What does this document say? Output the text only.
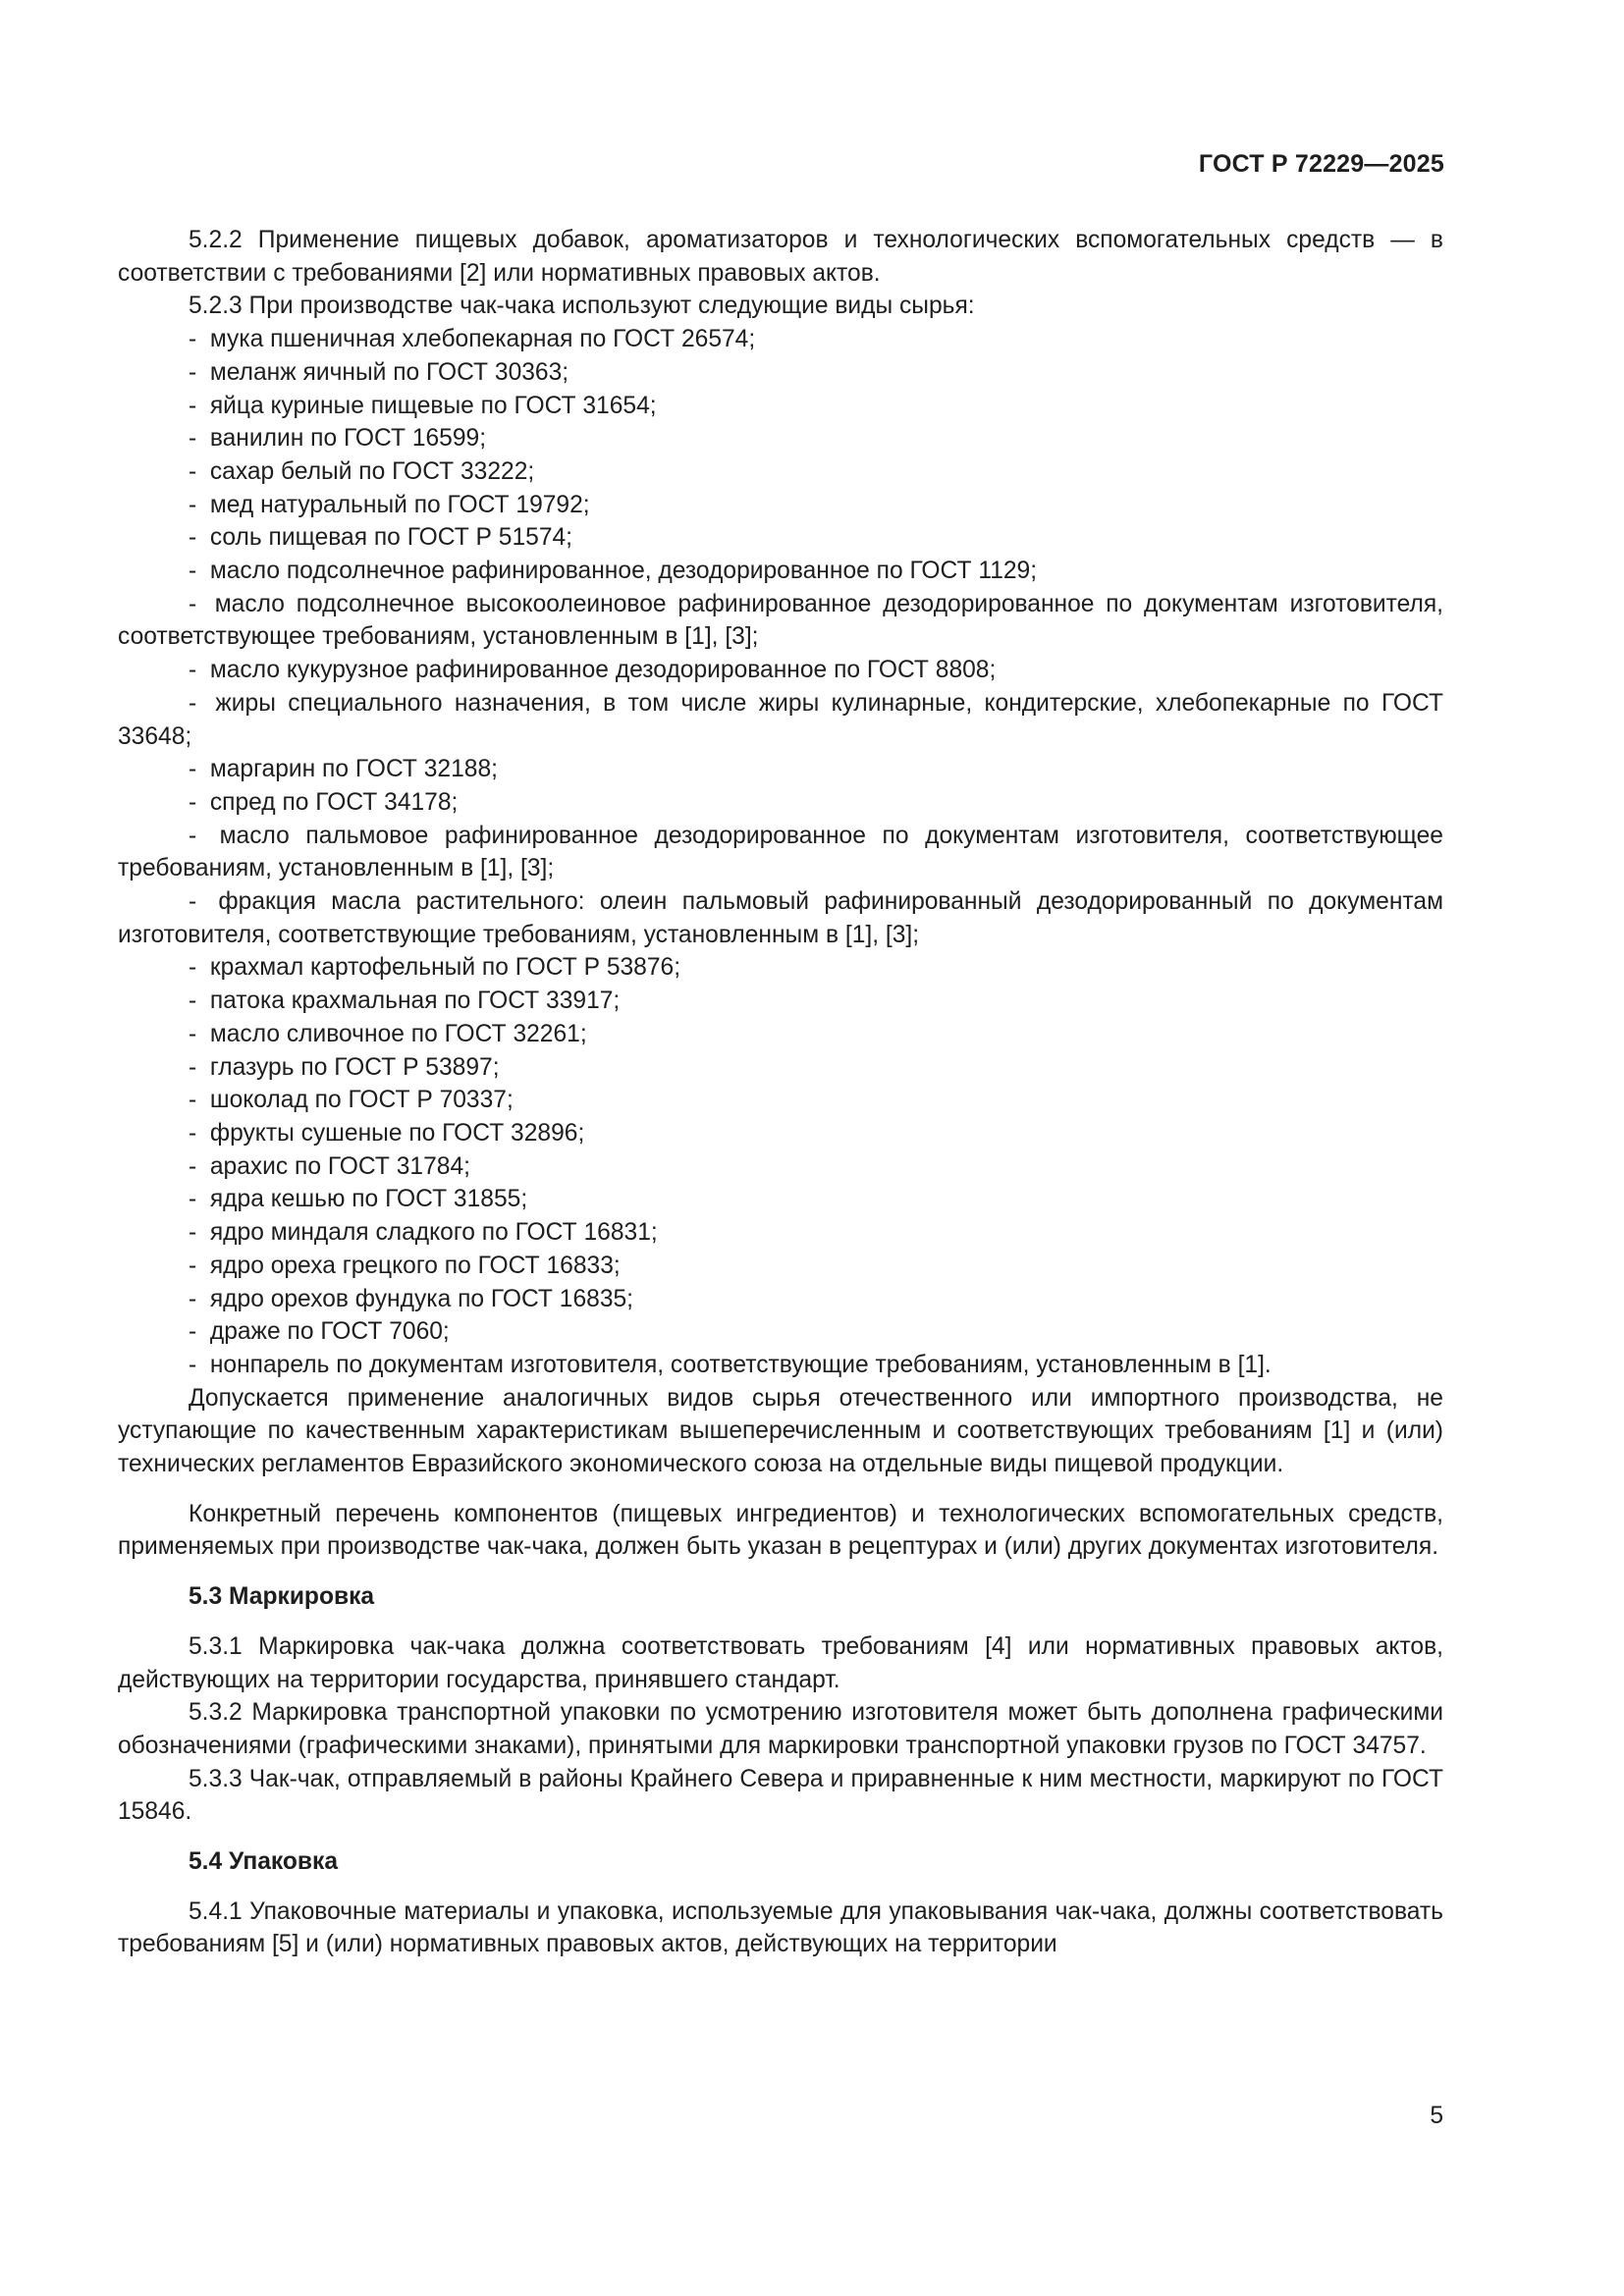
ГОСТ Р 72229—2025

5.2.2 Применение пищевых добавок, ароматизаторов и технологических вспомогательных средств — в соответствии с требованиями [2] или нормативных правовых актов.

5.2.3 При производстве чак-чака используют следующие виды сырья:

- мука пшеничная хлебопекарная по ГОСТ 26574;

- меланж яичный по ГОСТ 30363;

- яйца куриные пищевые по ГОСТ 31654;

- ванилин по ГОСТ 16599;

- сахар белый по ГОСТ 33222;

- мед натуральный по ГОСТ 19792;

- соль пищевая по ГОСТ Р 51574;

- масло подсолнечное рафинированное, дезодорированное по ГОСТ 1129;

- масло подсолнечное высокоолеиновое рафинированное дезодорированное по документам изготовителя, соответствующее требованиям, установленным в [1], [3];

- масло кукурузное рафинированное дезодорированное по ГОСТ 8808;

- жиры специального назначения, в том числе жиры кулинарные, кондитерские, хлебопекарные по ГОСТ 33648;

- маргарин по ГОСТ 32188;

- спред по ГОСТ 34178;

- масло пальмовое рафинированное дезодорированное по документам изготовителя, соответствующее требованиям, установленным в [1], [3];

- фракция масла растительного: олеин пальмовый рафинированный дезодорированный по документам изготовителя, соответствующие требованиям, установленным в [1], [3];

- крахмал картофельный по ГОСТ Р 53876;

- патока крахмальная по ГОСТ 33917;

- масло сливочное по ГОСТ 32261;

- глазурь по ГОСТ Р 53897;

- шоколад по ГОСТ Р 70337;

- фрукты сушеные по ГОСТ 32896;

- арахис по ГОСТ 31784;

- ядра кешью по ГОСТ 31855;

- ядро миндаля сладкого по ГОСТ 16831;

- ядро ореха грецкого по ГОСТ 16833;

- ядро орехов фундука по ГОСТ 16835;

- драже по ГОСТ 7060;

- нонпарель по документам изготовителя, соответствующие требованиям, установленным в [1].

Допускается применение аналогичных видов сырья отечественного или импортного производства, не уступающие по качественным характеристикам вышеперечисленным и соответствующих требованиям [1] и (или) технических регламентов Евразийского экономического союза на отдельные виды пищевой продукции.

Конкретный перечень компонентов (пищевых ингредиентов) и технологических вспомогательных средств, применяемых при производстве чак-чака, должен быть указан в рецептурах и (или) других документах изготовителя.

5.3 Маркировка

5.3.1 Маркировка чак-чака должна соответствовать требованиям [4] или нормативных правовых актов, действующих на территории государства, принявшего стандарт.

5.3.2 Маркировка транспортной упаковки по усмотрению изготовителя может быть дополнена графическими обозначениями (графическими знаками), принятыми для маркировки транспортной упаковки грузов по ГОСТ 34757.

5.3.3 Чак-чак, отправляемый в районы Крайнего Севера и приравненные к ним местности, маркируют по ГОСТ 15846.

5.4 Упаковка

5.4.1 Упаковочные материалы и упаковка, используемые для упаковывания чак-чака, должны соответствовать требованиям [5] и (или) нормативных правовых актов, действующих на территории

5
